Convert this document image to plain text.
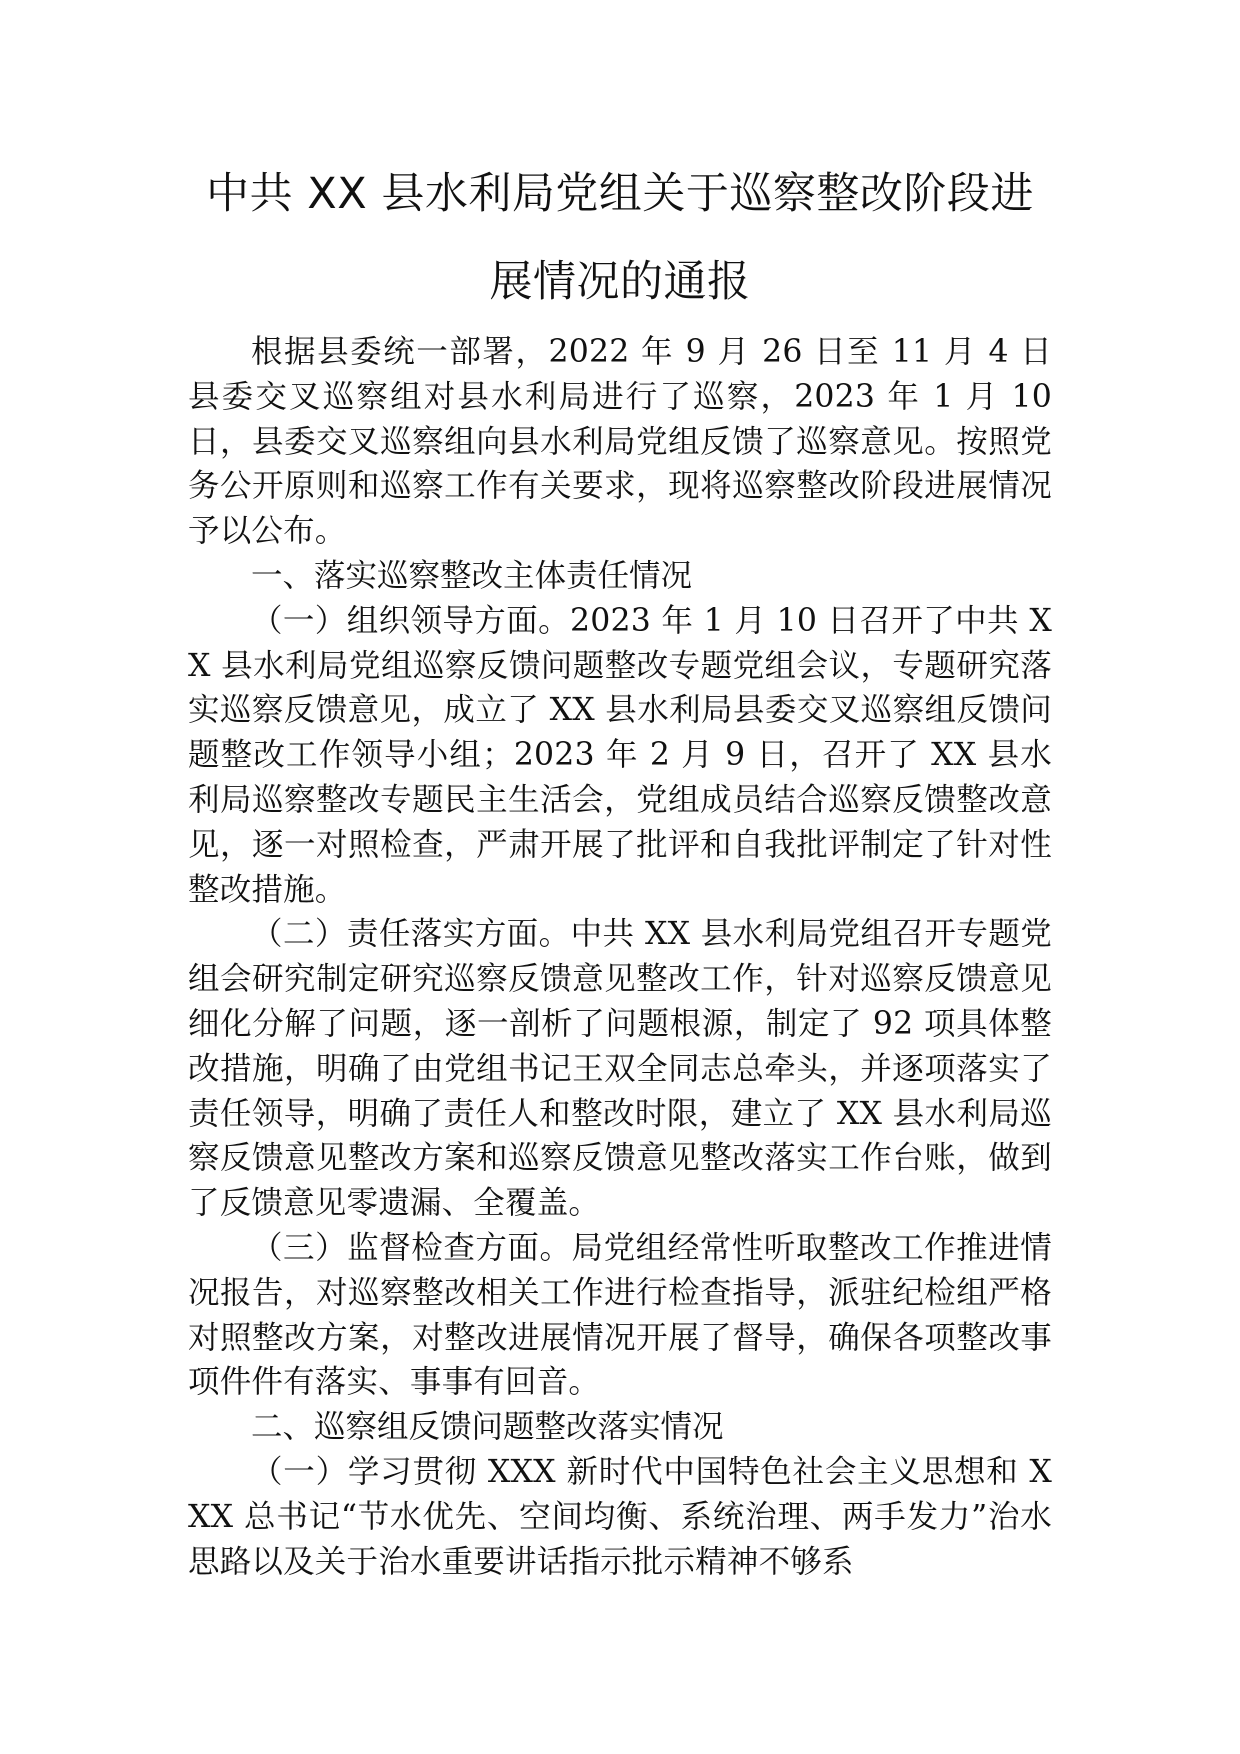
中共 XX 县水利局党组关于巡察整改阶段进
展情况的通报

根据县委统一部署，2022 年 9 月 26 日至 11 月 4 日县委交叉巡察组对县水利局进行了巡察，2023 年 1 月 10 日，县委交叉巡察组向县水利局党组反馈了巡察意见。按照党务公开原则和巡察工作有关要求，现将巡察整改阶段进展情况予以公布。

一、落实巡察整改主体责任情况

（一）组织领导方面。2023 年 1 月 10 日召开了中共 XX 县水利局党组巡察反馈问题整改专题党组会议，专题研究落实巡察反馈意见，成立了 XX 县水利局县委交叉巡察组反馈问题整改工作领导小组；2023 年 2 月 9 日，召开了 XX 县水利局巡察整改专题民主生活会，党组成员结合巡察反馈整改意见，逐一对照检查，严肃开展了批评和自我批评制定了针对性整改措施。

（二）责任落实方面。中共 XX 县水利局党组召开专题党组会研究制定研究巡察反馈意见整改工作，针对巡察反馈意见细化分解了问题，逐一剖析了问题根源，制定了 92 项具体整改措施，明确了由党组书记王双全同志总牵头，并逐项落实了责任领导，明确了责任人和整改时限，建立了 XX 县水利局巡察反馈意见整改方案和巡察反馈意见整改落实工作台账，做到了反馈意见零遗漏、全覆盖。

（三）监督检查方面。局党组经常性听取整改工作推进情况报告，对巡察整改相关工作进行检查指导，派驻纪检组严格对照整改方案，对整改进展情况开展了督导，确保各项整改事项件件有落实、事事有回音。

二、巡察组反馈问题整改落实情况

（一）学习贯彻 XXX 新时代中国特色社会主义思想和 XXX 总书记“节水优先、空间均衡、系统治理、两手发力”治水思路以及关于治水重要讲话指示批示精神不够系
